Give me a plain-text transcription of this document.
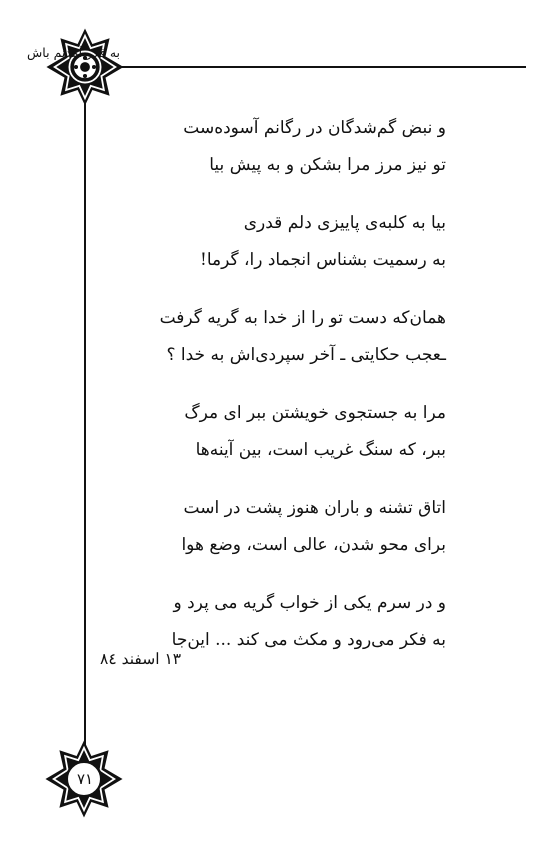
۷۱
به فکر آمدنم باش
و نبض گم‌شدگان در رگانم آسوده‌ست
تو نیز مرز مرا بشکن و به پیش بیا
بیا به کلبه‌ی پاییزی دلم قدری
به رسمیت بشناس انجماد را، گرما!
همان‌که دست تو را از خدا به گریه گرفت
ـعجب حکایتی ـ آخر سپردی‌اش به خدا ؟
مرا به جستجوی خویشتن ببر ای مرگ
ببر، که سنگ غریب است، بین آینه‌ها
اتاق تشنه و باران هنوز پشت در است
برای محو شدن، عالی است، وضع هوا
و در سرم یکی از خواب گریه می پرد و
به فکر می‌رود و مکث می کند ... این‌جا
۱۳ اسفند ۸٤
